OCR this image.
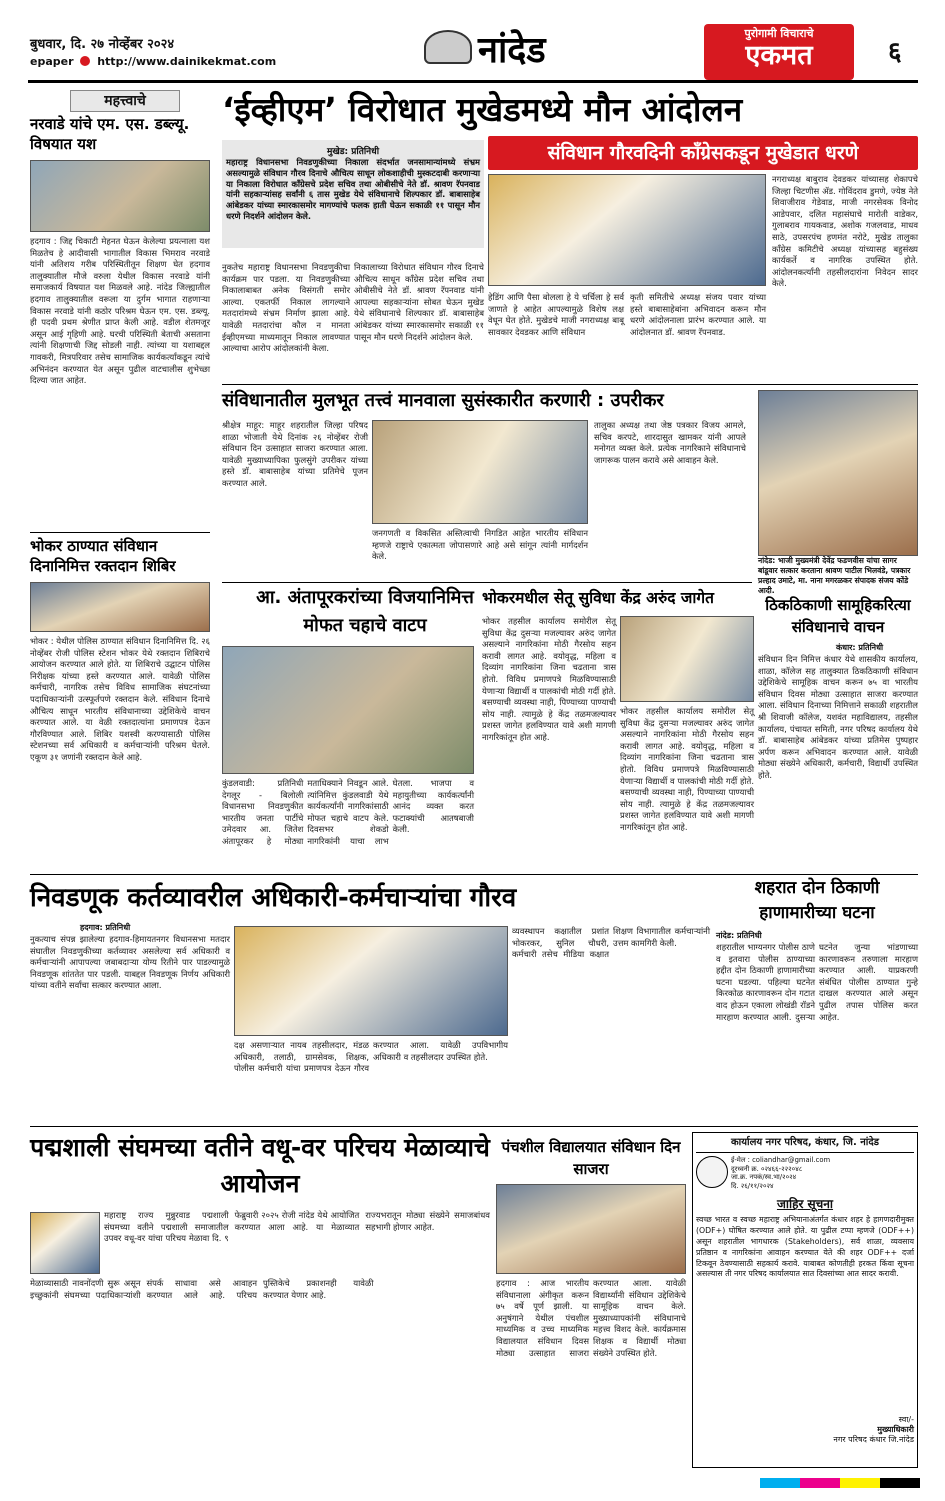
बुधवार, दि. २७ नोव्हेंबर २०२४
epaper http://www.dainikekmat.com	नांदेड	पुरोगामी विचाराचे
एकमत	६
महत्त्वाचे
नरवाडे यांचे एम. एस. डब्ल्यू. विषयात यश
हदगाव : जिद्द चिकाटी मेहनत घेऊन केलेल्या प्रयत्नाला यश मिळतेच हे आदीवासी भागातील विकास भिमराव नरवाडे यांनी अतिशय गरीब परिस्थितीतून शिक्षण घेत हदगाव तालुक्यातील मौजे वरुला येथील विकास नरवाडे यांनी समाजकार्य विषयात यश मिळवले आहे. नांदेड जिल्ह्यातील हदगाव तालुक्यातील वरूला या दुर्गम भागात राहणाऱ्या विकास नरवाडे यांनी कठोर परिश्रम घेऊन एम. एस. डब्ल्यू. ही पदवी प्रथम श्रेणीत प्राप्त केली आहे. वडील शेतमजूर असून आई गृहिणी आहे. घरची परिस्थिती बेताची असताना त्यांनी शिक्षणाची जिद्द सोडली नाही. त्यांच्या या यशाबद्दल गावकरी, मित्रपरिवार तसेच सामाजिक कार्यकर्त्यांकडून त्यांचे अभिनंदन करण्यात येत असून पुढील वाटचालीस शुभेच्छा दिल्या जात आहेत.
भोकर ठाण्यात संविधान दिनानिमित्त रक्तदान शिबिर
भोकर : येथील पोलिस ठाण्यात संविधान दिनानिमित्त दि. २६ नोव्हेंबर रोजी पोलिस स्टेशन भोकर येथे रक्तदान शिबिराचे आयोजन करण्यात आले होते. या शिबिराचे उद्घाटन पोलिस निरीक्षक यांच्या हस्ते करण्यात आले. यावेळी पोलिस कर्मचारी, नागरिक तसेच विविध सामाजिक संघटनांच्या पदाधिकाऱ्यांनी उत्स्फूर्तपणे रक्तदान केले. संविधान दिनाचे औचित्य साधून भारतीय संविधानाच्या उद्देशिकेचे वाचन करण्यात आले. या वेळी रक्तदात्यांना प्रमाणपत्र देऊन गौरविण्यात आले. शिबिर यशस्वी करण्यासाठी पोलिस स्टेशनच्या सर्व अधिकारी व कर्मचाऱ्यांनी परिश्रम घेतले. एकूण ३१ जणांनी रक्तदान केले आहे.
‘ईव्हीएम’ विरोधात मुखेडमध्ये मौन आंदोलन
मुखेड: प्रतिनिधी
महाराष्ट्र विधानसभा निवडणुकीच्या निकाला संदर्भात जनसामान्यांमध्ये संभ्रम असल्यामुळे संविधान गौरव दिनाचे औचित्य साधून लोकशाहीची मुस्कटदाबी करणाऱ्या या निकाला विरोधात काँग्रेसचे प्रदेश सचिव तथा ओबीसीचे नेते डॉ. श्रावण रॅपनवाड यांनी सहकाऱ्यांसह सर्वांनी ६ तास मुखेड येथे संविधानाचे शिल्पकार डॉ. बाबासाहेब आंबेडकर यांच्या स्मारकासमोर मागण्यांचे फलक हाती घेऊन सकाळी ११ पासून मौन धरणे निदर्शने आंदोलन केले.
संविधान गौरवदिनी काँग्रेसकडून मुखेडात धरणे
नगराध्यक्ष बाबुराव देवडकर यांच्यासह शेकापचे जिल्हा चिटणीस ॲड. गोविंदराव डुमणे, ज्येष्ठ नेते शिवाजीराव गेडेवाड, माजी नगरसेवक विनोद आडेपवार, दलित महासंघाचे मारोती वाडेकर, गुलाबराव गायकवाड, अशोक गजलवाड, माधव साठे, उपसरपंच हणमंत नरोटे, मुखेड तालुका काँग्रेस कमिटीचे अध्यक्ष यांच्यासह बहुसंख्य कार्यकर्ते व नागरिक उपस्थित होते. आंदोलनकर्त्यांनी तहसीलदारांना निवेदन सादर केले.
नुकतेच महाराष्ट्र विधानसभा निवडणुकीचा कार्यक्रम पार पडला. या निवडणुकीच्या निकालाबाबत अनेक विसंगती समोर आल्या. एकतर्फी निकाल लागल्याने मतदारांमध्ये संभ्रम निर्माण झाला आहे. यावेळी मतदारांचा कौल न मानता ईव्हीएमच्या माध्यमातून निकाल लावण्यात आल्याचा आरोप आंदोलकांनी केला.
निकालाच्या विरोधात संविधान गौरव दिनाचे औचित्य साधून काँग्रेस प्रदेश सचिव तथा ओबीसीचे नेते डॉ. श्रावण रॅपनवाड यांनी आपल्या सहकाऱ्यांना सोबत घेऊन मुखेड येथे संविधानाचे शिल्पकार डॉ. बाबासाहेब आंबेडकर यांच्या स्मारकासमोर सकाळी ११ पासून मौन धरणे निदर्शने आंदोलन केले.
हेडिंग आणि पैसा बोलला हे ये चर्चिला हे सर्व जाणते हे आहेत आपल्यामुळे विशेष लक्ष वेधून घेत होते. मुखेडचे माजी नगराध्यक्ष बाबू सावकार देवडकर आणि संविधान
कृती समितीचे अध्यक्ष संजय पवार यांच्या हस्ते बाबासाहेबांना अभिवादन करून मौन धरणे आंदोलनाला प्रारंभ करण्यात आले. या आंदोलनात डॉ. श्रावण रॅपनवाड.
संविधानातील मुलभूत तत्त्वं मानवाला सुसंस्कारीत करणारी : उपरीकर
श्रीक्षेत्र माहूर: माहूर शहरातील जिल्हा परिषद शाळा भोजाती येथे दिनांक २६ नोव्हेंबर रोजी संविधान दिन उत्साहात साजरा करण्यात आला. यावेळी मुख्याध्यापिका फुलसुंगे उपरीकर यांच्या हस्ते डॉ. बाबासाहेब यांच्या प्रतिमेचे पूजन करण्यात आले.
जनगणती व विकसित अस्तित्वाची निगडित आहेत भारतीय संविधान म्हणजे राष्ट्राचे एकात्मता जोपासणारे आहे असे सांगून त्यांनी मार्गदर्शन केले.
तालुका अध्यक्ष तथा जेष्ठ पत्रकार विजय आमले, सचिव करपटे, शारदासुत खामकर यांनी आपले मनोगत व्यक्त केले. प्रत्येक नागरिकाने संविधानाचे जागरूक पालन करावे असे आवाहन केले.
नांदेड: भाजी मुख्यमंत्री देवेंद्र फडणवीस यांचा सागर बांडूवार सत्कार करताना श्रावण पाटील भिलवंडे, पत्रकार प्रल्हाद उमाटे, मा. नाना मगरळकर संपादक संजय कोंडे आदी.
आ. अंतापूरकरांच्या विजयानिमित्त मोफत चहाचे वाटप
कुंडलवाडी: प्रतिनिधी देगलूर - बिलोली विधानसभा निवडणुकीत भारतीय जनता पार्टीचे उमेदवार आ. जितेश अंतापूरकर हे मोठ्या मताधिक्याने निवडून आले. त्यांनिमित्त कुंडलवाडी येथे कार्यकर्त्यांनी नागरिकांसाठी मोफत चहाचे वाटप केले. दिवसभर शेकडो नागरिकांनी याचा लाभ घेतला. भाजपा व महायुतीच्या कार्यकर्त्यांनी आनंद व्यक्त करत फटाक्यांची आतषबाजी केली.
भोकरमधील सेतू सुविधा केंद्र अरुंद जागेत
भोकर तहसील कार्यालय समोरील सेतू सुविधा केंद्र दुसऱ्या मजल्यावर अरुंद जागेत असल्याने नागरिकांना मोठी गैरसोय सहन करावी लागत आहे. वयोवृद्ध, महिला व दिव्यांग नागरिकांना जिना चढताना त्रास होतो. विविध प्रमाणपत्रे मिळविण्यासाठी येणाऱ्या विद्यार्थी व पालकांची मोठी गर्दी होते. बसण्याची व्यवस्था नाही, पिण्याच्या पाण्याची सोय नाही. त्यामुळे हे केंद्र तळमजल्यावर प्रशस्त जागेत हलविण्यात यावे अशी मागणी नागरिकांतून होत आहे.
भोकर तहसील कार्यालय समोरील सेतू सुविधा केंद्र दुसऱ्या मजल्यावर अरुंद जागेत असल्याने नागरिकांना मोठी गैरसोय सहन करावी लागत आहे. वयोवृद्ध, महिला व दिव्यांग नागरिकांना जिना चढताना त्रास होतो. विविध प्रमाणपत्रे मिळविण्यासाठी येणाऱ्या विद्यार्थी व पालकांची मोठी गर्दी होते. बसण्याची व्यवस्था नाही, पिण्याच्या पाण्याची सोय नाही. त्यामुळे हे केंद्र तळमजल्यावर प्रशस्त जागेत हलविण्यात यावे अशी मागणी नागरिकांतून होत आहे.
ठिकठिकाणी सामूहिकरित्या संविधानाचे वाचन
कंधार: प्रतिनिधी
संविधान दिन निमित्त कंधार येथे शासकीय कार्यालय, शाळा, कॉलेज सह तालुक्यात ठिकठिकाणी संविधान उद्देशिकेचे सामूहिक वाचन करून ७५ वा भारतीय संविधान दिवस मोठ्या उत्साहात साजरा करण्यात आला. संविधान दिनाच्या निमित्ताने सकाळी शहरातील श्री शिवाजी कॉलेज, यशवंत महाविद्यालय, तहसील कार्यालय, पंचायत समिती, नगर परिषद कार्यालय येथे डॉ. बाबासाहेब आंबेडकर यांच्या प्रतिमेस पुष्पहार अर्पण करून अभिवादन करण्यात आले. यावेळी मोठ्या संख्येने अधिकारी, कर्मचारी, विद्यार्थी उपस्थित होते.
निवडणूक कर्तव्यावरील अधिकारी-कर्मचाऱ्यांचा गौरव
हदगाव: प्रतिनिधी
नुकत्याच संपन्न झालेल्या हदगाव-हिमायतनगर विधानसभा मतदार संघातील निवडणुकीच्या कर्तव्यावर असलेल्या सर्व अधिकारी व कर्मचाऱ्यांनी आपापल्या जबाबदाऱ्या योग्य रितीने पार पाडल्यामुळे निवडणूक शांततेत पार पडली. याबद्दल निवडणूक निर्णय अधिकारी यांच्या वतीने सर्वांचा सत्कार करण्यात आला.
दक्ष असणाऱ्यात नायब तहसीलदार, मंडळ अधिकारी, तलाठी, ग्रामसेवक, शिक्षक, पोलीस कर्मचारी यांचा प्रमाणपत्र देऊन गौरव करण्यात आला. यावेळी उपविभागीय अधिकारी व तहसीलदार उपस्थित होते.
व्यवस्थापन कक्षातील प्रशांत भोकरकर, सुनिल चौधरी, कर्मचारी तसेच मीडिया कक्षात शिक्षण विभागातील कर्मचाऱ्यांनी उत्तम कामगिरी केली.
शहरात दोन ठिकाणी हाणामारीच्या घटना
नांदेड: प्रतिनिधी
शहरातील भाग्यनगर पोलीस ठाणे व इतवारा पोलीस ठाण्याच्या हद्दीत दोन ठिकाणी हाणामारीच्या घटना घडल्या. पहिल्या घटनेत किरकोळ कारणावरून दोन गटात वाद होऊन एकाला लोखंडी रॉडने मारहाण करण्यात आली. दुसऱ्या घटनेत जुन्या भांडणाच्या कारणावरून तरुणाला मारहाण करण्यात आली. याप्रकरणी संबंधित पोलीस ठाण्यात गुन्हे दाखल करण्यात आले असून पुढील तपास पोलिस करत आहेत.
पद्मशाली संघमच्या वतीने वधू-वर परिचय मेळाव्याचे आयोजन
महाराष्ट्र राज्य मुन्नुरवाड पद्मशाली संघमच्या वतीने पद्मशाली समाजातील उपवर वधू-वर यांचा परिचय मेळावा दि. ९ फेब्रुवारी २०२५ रोजी नांदेड येथे आयोजित करण्यात आला आहे. या मेळाव्यात राज्यभरातून मोठ्या संख्येने समाजबांधव सहभागी होणार आहेत.
मेळाव्यासाठी नावनोंदणी सुरू असून इच्छुकांनी संघमच्या पदाधिकाऱ्यांशी संपर्क साधावा असे आवाहन करण्यात आले आहे. परिचय पुस्तिकेचे प्रकाशनही यावेळी करण्यात येणार आहे.
पंचशील विद्यालयात संविधान दिन साजरा
हदगाव : आज भारतीय संविधानाला अंगीकृत करून ७५ वर्षे पूर्ण झाली. या अनुषंगाने येथील पंचशील माध्यमिक व उच्च माध्यमिक विद्यालयात संविधान दिवस मोठ्या उत्साहात साजरा करण्यात आला. यावेळी विद्यार्थ्यांनी संविधान उद्देशिकेचे सामूहिक वाचन केले. मुख्याध्यापकांनी संविधानाचे महत्त्व विशद केले. कार्यक्रमास शिक्षक व विद्यार्थी मोठ्या संख्येने उपस्थित होते.
कार्यालय नगर परिषद, कंधार, जि. नांदेड
ई-मेल : coliandhar@gmail.com
दूरध्वनी क्र. ०२४६६-२२२०४८
जा.क्र. नपकं/स्व.भा/२०२४
दि. २६/११/२०२४
जाहिर सूचना
स्वच्छ भारत व स्वच्छ महाराष्ट्र अभियानाअंतर्गत कंधार शहर हे हागणदारीमुक्त (ODF+) घोषित करण्यात आले होते. या पुढील टप्पा म्हणजे (ODF++) असून शहरातील भागधारक (Stakeholders), सर्व शाळा, व्यवसाय प्रतिष्ठान व नागरिकांना आवाहन करण्यात येते की शहर ODF++ दर्जा टिकवून ठेवण्यासाठी सहकार्य करावे. याबाबत कोणतीही हरकत किंवा सूचना असल्यास ती नगर परिषद कार्यालयात सात दिवसांच्या आत सादर करावी.
स्वा/-
मुख्याधिकारी
नगर परिषद कंधार जि.नांदेड
